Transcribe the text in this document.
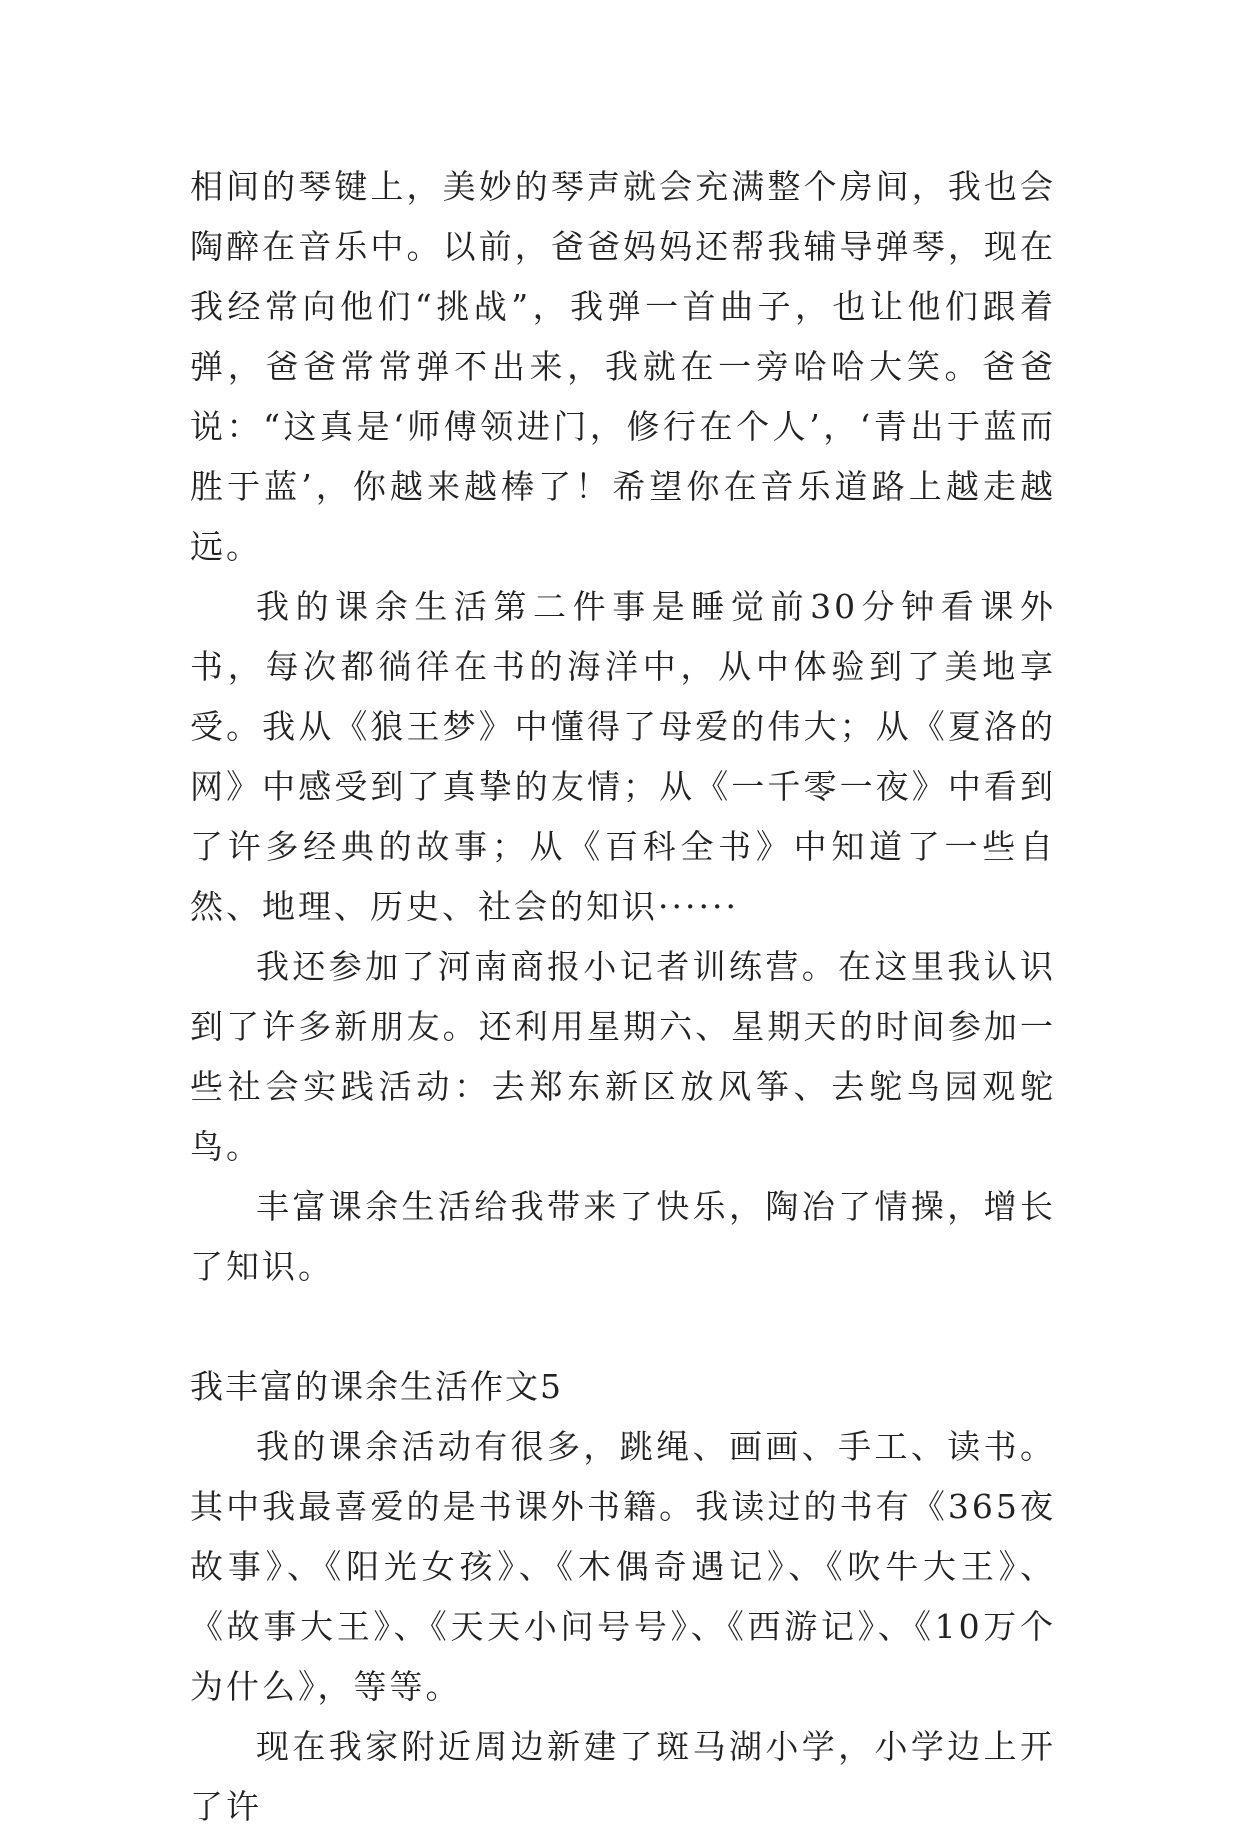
相间的琴键上，美妙的琴声就会充满整个房间，我也会陶醉在音乐中。以前，爸爸妈妈还帮我辅导弹琴，现在我经常向他们“挑战”，我弹一首曲子，也让他们跟着弹，爸爸常常弹不出来，我就在一旁哈哈大笑。爸爸说：“这真是‘师傅领进门，修行在个人’，‘青出于蓝而胜于蓝’，你越来越棒了！希望你在音乐道路上越走越远。

我的课余生活第二件事是睡觉前30分钟看课外书，每次都徜徉在书的海洋中，从中体验到了美地享受。我从《狼王梦》中懂得了母爱的伟大；从《夏洛的网》中感受到了真挚的友情；从《一千零一夜》中看到了许多经典的故事；从《百科全书》中知道了一些自然、地理、历史、社会的知识······

我还参加了河南商报小记者训练营。在这里我认识到了许多新朋友。还利用星期六、星期天的时间参加一些社会实践活动：去郑东新区放风筝、去鸵鸟园观鸵鸟。

丰富课余生活给我带来了快乐，陶冶了情操，增长了知识。

我丰富的课余生活作文5

我的课余活动有很多，跳绳、画画、手工、读书。其中我最喜爱的是书课外书籍。我读过的书有《365夜故事》、《阳光女孩》、《木偶奇遇记》、《吹牛大王》、《故事大王》、《天天小问号号》、《西游记》、《10万个为什么》，等等。

现在我家附近周边新建了斑马湖小学，小学边上开了许
